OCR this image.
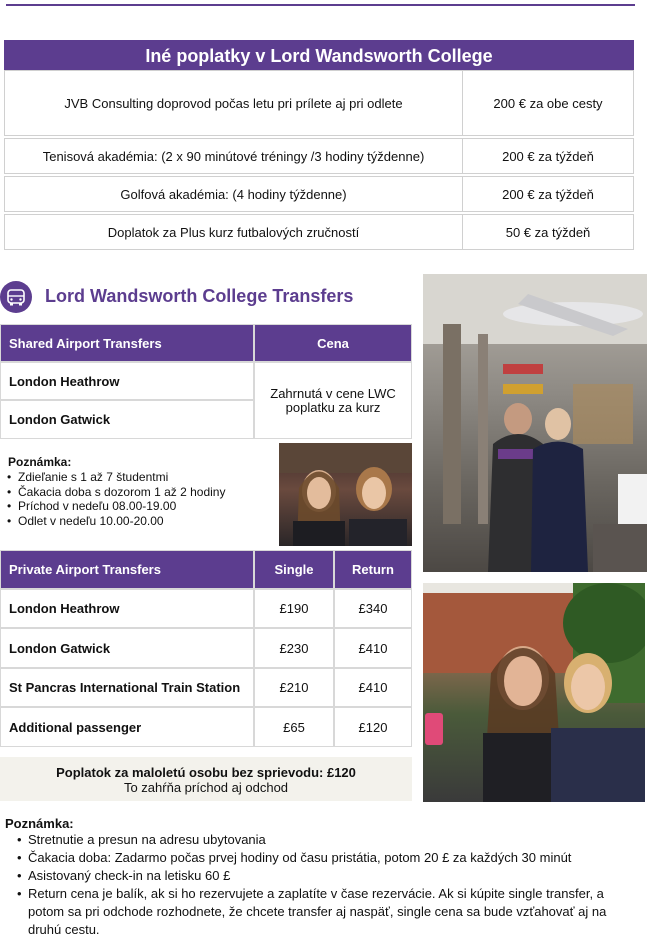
Iné poplatky v Lord Wandsworth College
JVB Consulting doprovod počas letu pri prílete aj pri odlete	200 € za obe cesty
Tenisová akadémia: (2 x 90 minútové tréningy /3 hodiny týždenne)	200 € za týždeň
Golfová akadémia: (4 hodiny týždenne)	200 € za týždeň
Doplatok za Plus kurz futbalových zručností	50 € za týždeň
Lord Wandsworth College Transfers
Shared Airport Transfers	Cena
London Heathrow
London Gatwick
Zahrnutá v cene LWC poplatku za kurz
Poznámka:
• Zdieľanie s 1 až 7 študentmi
• Čakacia doba s dozorom 1 až 2 hodiny
• Príchod v nedeľu 08.00-19.00
• Odlet v nedeľu 10.00-20.00
Private Airport Transfers	Single	Return
London Heathrow	£190	£340
London Gatwick	£230	£410
St Pancras International Train Station	£210	£410
Additional passenger	£65	£120
Poplatok za maloletú osobu bez sprievodu: £120
To zahŕňa príchod aj odchod
Poznámka:
• Stretnutie a presun na adresu ubytovania
• Čakacia doba: Zadarmo počas prvej hodiny od času pristátia, potom 20 £ za každých 30 minút
• Asistovaný check-in na letisku 60 £
• Return cena je balík, ak si ho rezervujete a zaplatíte v čase rezervácie. Ak si kúpite single transfer, a potom sa pri odchode rozhodnete, že chcete transfer aj naspäť, single cena sa bude vzťahovať aj na druhú cestu.
